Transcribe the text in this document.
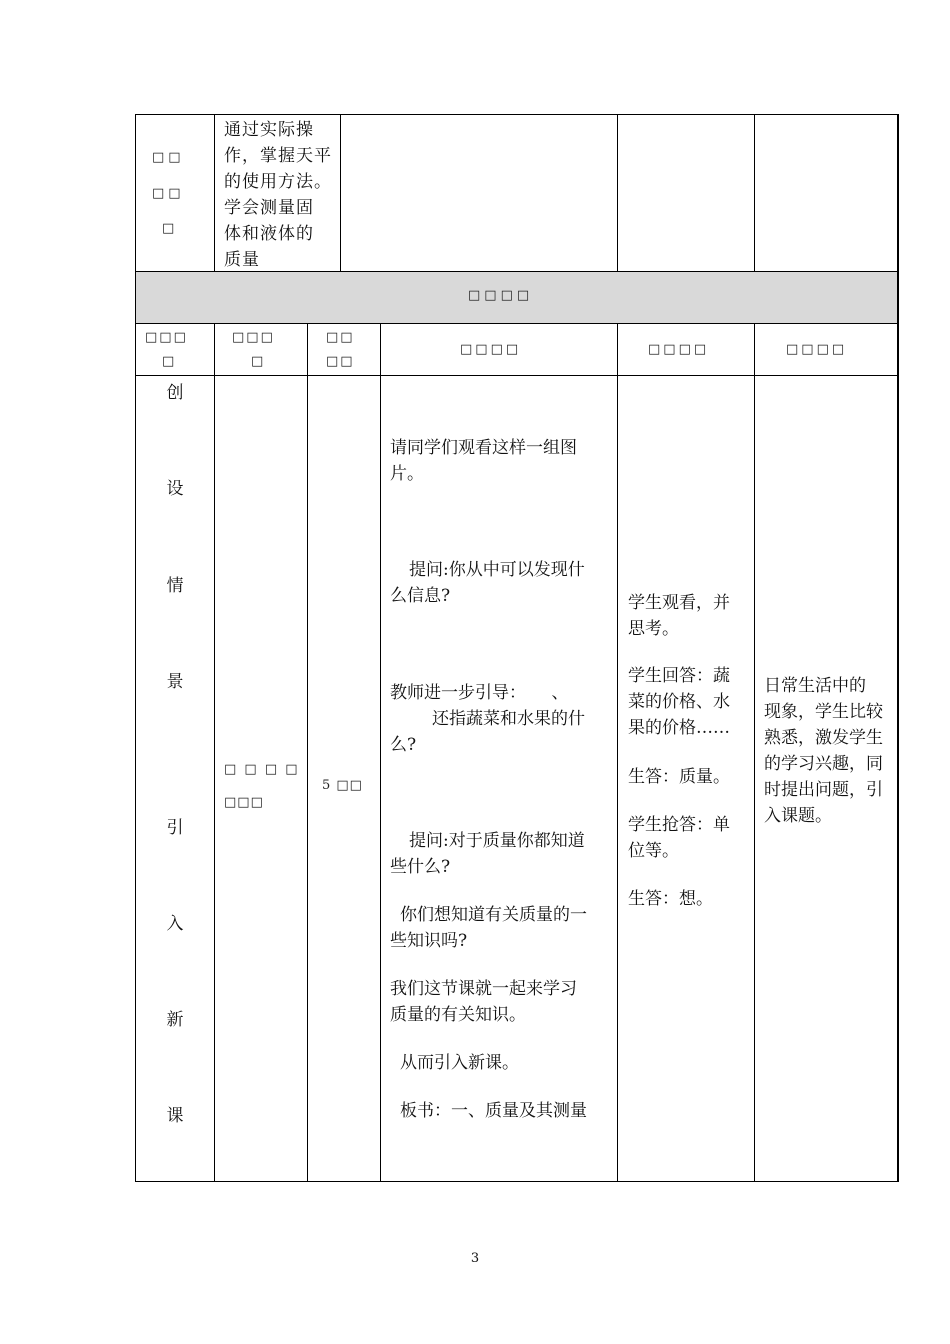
□□
□□
□
通过实际操
作，掌握天平
的使用方法。
学会测量固
体和液体的
质量
□□□□
□□□
□
□□□
□
□□
□□
□□□□	□□□□	□□□□
创
设
情
景
引
入
新
课
□ □ □ □
□□□
5 □□
请同学们观看这样一组图
片。
提问:你从中可以发现什
么信息?
教师进一步引导：　　、
还指蔬菜和水果的什
么?
提问:对于质量你都知道
些什么?
你们想知道有关质量的一
些知识吗?
我们这节课就一起来学习
质量的有关知识。
从而引入新课。
板书：一、质量及其测量
学生观看，并
思考。
学生回答：蔬
菜的价格、水
果的价格……
生答：质量。
学生抢答：单
位等。
生答：想。
日常生活中的
现象，学生比较
熟悉，激发学生
的学习兴趣，同
时提出问题，引
入课题。
3
